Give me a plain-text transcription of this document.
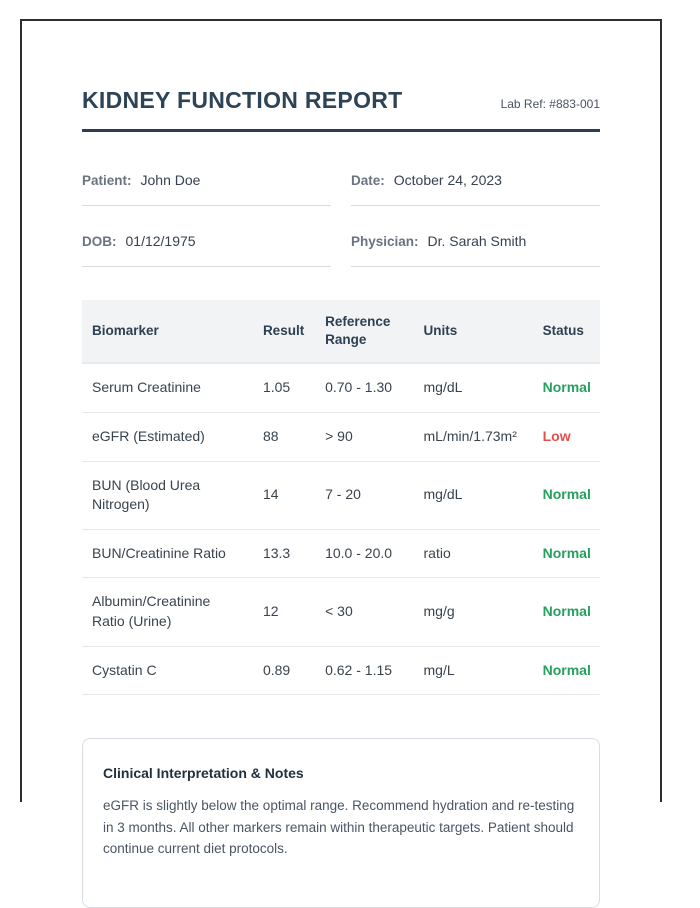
KIDNEY FUNCTION REPORT	Lab Ref: #883-001
Patient: John Doe	Date: October 24, 2023
DOB: 01/12/1975	Physician: Dr. Sarah Smith
Biomarker	Result	Reference Range	Units	Status
Serum Creatinine	1.05	0.70 - 1.30	mg/dL	Normal
eGFR (Estimated)	88	> 90	mL/min/1.73m²	Low
BUN (Blood Urea Nitrogen)	14	7 - 20	mg/dL	Normal
BUN/Creatinine Ratio	13.3	10.0 - 20.0	ratio	Normal
Albumin/Creatinine Ratio (Urine)	12	< 30	mg/g	Normal
Cystatin C	0.89	0.62 - 1.15	mg/L	Normal
Clinical Interpretation & Notes
eGFR is slightly below the optimal range. Recommend hydration and re-testing in 3 months. All other markers remain within therapeutic targets. Patient should continue current diet protocols.
